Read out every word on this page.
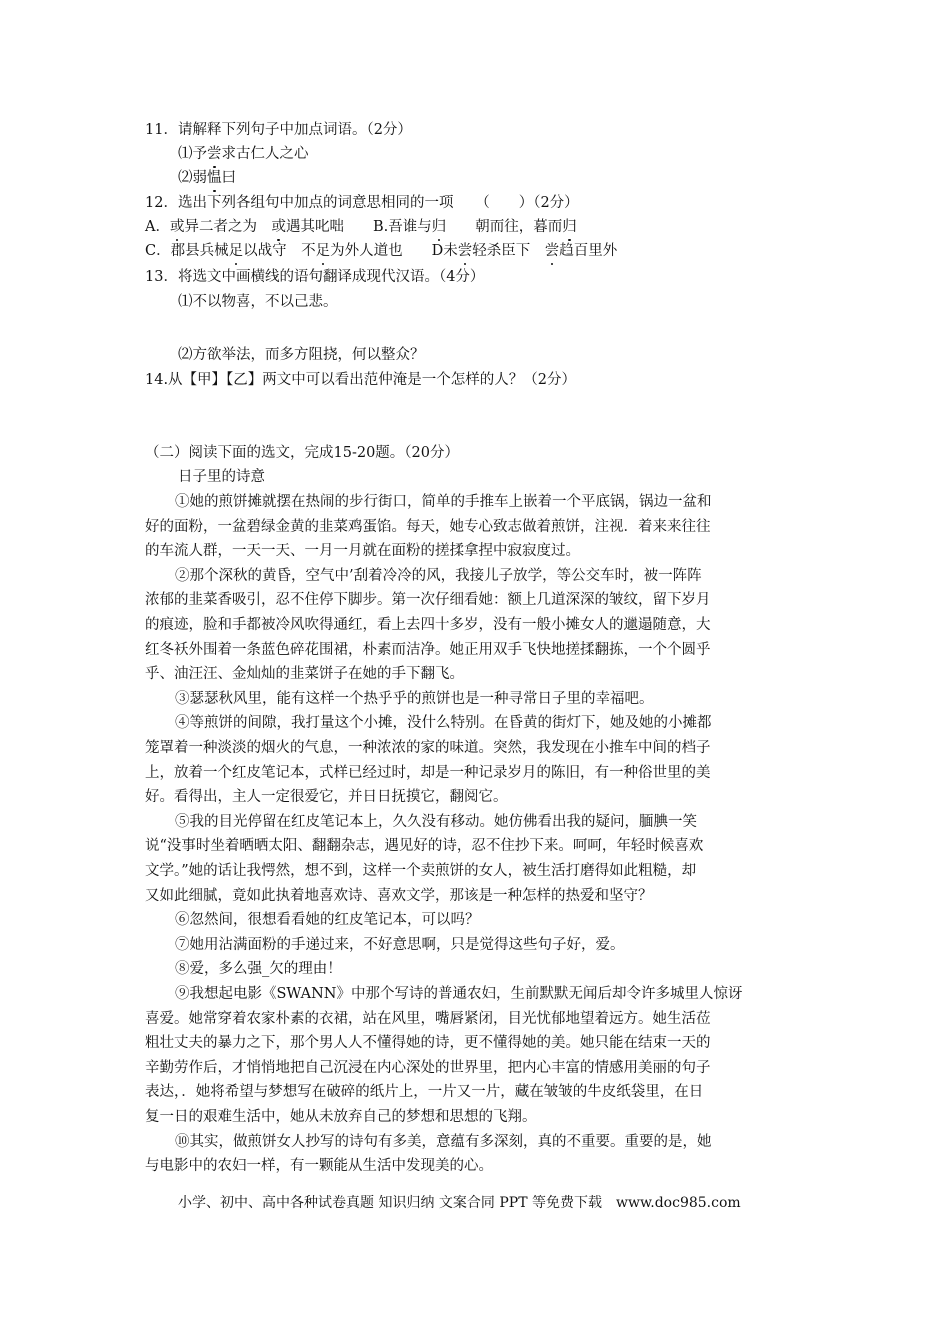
11．请解释下列句子中加点词语。（2分）
⑴予尝求古仁人之心
⑵弱愠曰
12．选出下列各组句中加点的词意思相同的一项　　（　　）（2分）
A．或异二者之为　或遇其叱咄　　B.吾谁与归　　朝而往，暮而归
C．郡县兵械足以战守　不足为外人道也　　D未尝轻杀臣下　尝趋百里外
13．将选文中画横线的语句翻译成现代汉语。（4分）
⑴不以物喜，不以己悲。
⑵方欲举法，而多方阻挠，何以整众？
14.从【甲】【乙】两文中可以看出范仲淹是一个怎样的人？（2分）
（二）阅读下面的选文，完成15-20题。（20分）
日子里的诗意
①她的煎饼摊就摆在热闹的步行街口，简单的手推车上嵌着一个平底锅，锅边一盆和
好的面粉，一盆碧绿金黄的韭菜鸡蛋馅。每天，她专心致志做着煎饼，注视．着来来往往
的车流人群，一天一天、一月一月就在面粉的搓揉拿捏中寂寂度过。
②那个深秋的黄昏，空气中’刮着冷冷的风，我接儿子放学，等公交车时，被一阵阵
浓郁的韭菜香吸引，忍不住停下脚步。第一次仔细看她：额上几道深深的皱纹，留下岁月
的痕迹，脸和手都被冷风吹得通红，看上去四十多岁，没有一般小摊女人的邋遢随意，大
红冬袄外围着一条蓝色碎花围裙，朴素而洁净。她正用双手飞快地搓揉翻拣，一个个圆乎
乎、油汪汪、金灿灿的韭菜饼子在她的手下翻飞。
③瑟瑟秋风里，能有这样一个热乎乎的煎饼也是一种寻常日子里的幸福吧。
④等煎饼的间隙，我打量这个小摊，没什么特别。在昏黄的街灯下，她及她的小摊都
笼罩着一种淡淡的烟火的气息，一种浓浓的家的味道。突然，我发现在小推车中间的档子
上，放着一个红皮笔记本，式样已经过时，却是一种记录岁月的陈旧，有一种俗世里的美
好。看得出，主人一定很爱它，并日日抚摸它，翻阅它。
⑤我的目光停留在红皮笔记本上，久久没有移动。她仿佛看出我的疑问，腼腆一笑
说“没事时坐着晒晒太阳、翻翻杂志，遇见好的诗，忍不住抄下来。呵呵，年轻时候喜欢
文学。”她的话让我愕然，想不到，这样一个卖煎饼的女人，被生活打磨得如此粗糙，却
又如此细腻，竟如此执着地喜欢诗、喜欢文学，那该是一种怎样的热爱和坚守？
⑥忽然间，很想看看她的红皮笔记本，可以吗？
⑦她用沾满面粉的手递过来，不好意思啊，只是觉得这些句子好，爱。
⑧爱，多么强_欠的理由！
⑨我想起电影《SWANN》中那个写诗的普通农妇，生前默默无闻后却令许多城里人惊讶
喜爱。她常穿着农家朴素的衣裙，站在风里，嘴唇紧闭，目光忧郁地望着远方。她生活莅
粗壮丈夫的暴力之下，那个男人人不懂得她的诗，更不懂得她的美。她只能在结束一天的
辛勤劳作后，才悄悄地把自己沉浸在内心深处的世界里，把内心丰富的情感用美丽的句子
表达，．她将希望与梦想写在破碎的纸片上，一片又一片，藏在皱皱的牛皮纸袋里，在日
复一日的艰难生活中，她从未放弃自己的梦想和思想的飞翔。
⑩其实，做煎饼女人抄写的诗句有多美，意蕴有多深刻，真的不重要。重要的是，她
与电影中的农妇一样，有一颗能从生活中发现美的心。
小学、初中、高中各种试卷真题 知识归纳 文案合同 PPT 等免费下载　www.doc985.com
